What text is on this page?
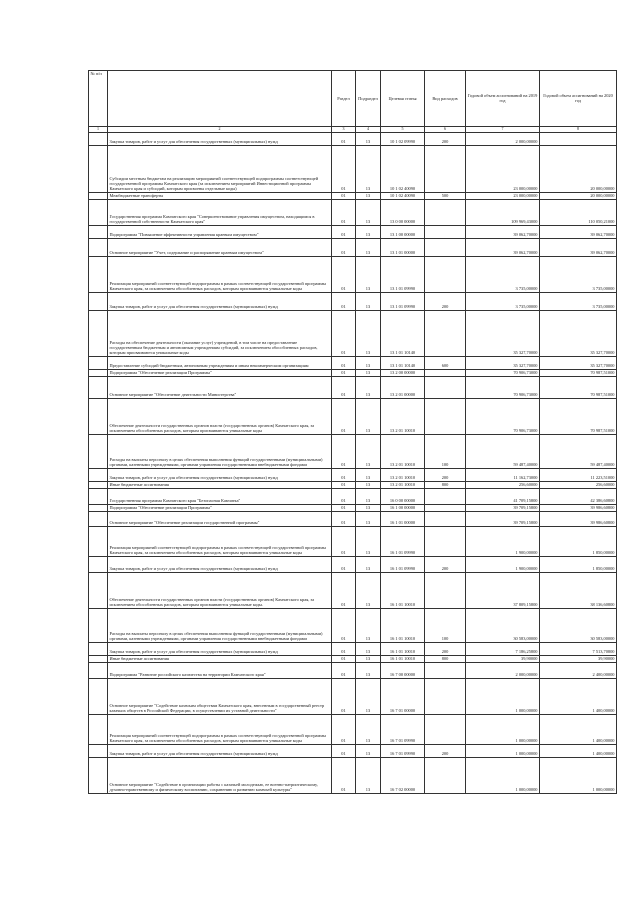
№ п/п		Раздел	Подраздел	Целевая статья	Вид расходов	Годовой объем ассигнований на 2019 год	Годовой объем ассигнований на 2020 год
1	2	3	4	5	6	7	8
	Закупка товаров, работ и услуг для обеспечения государственных (муниципальных) нужд	01	13	10 1 02 09990	200	2 000,00000	
	Субсидии местным бюджетам на реализацию мероприятий соответствующей подпрограммы соответствующей государственной программы Камчатского края (за исключением мероприятий Инвестиционной программы Камчатского края и субсидий, которым присвоены отдельные коды)	01	13	10 1 02 40090		23 000,00000	20 000,00000
	Межбюджетные трансферты	01	13	10 1 02 40090	500	23 000,00000	20 000,00000
	Государственная программа Камчатского края "Совершенствование управления имуществом, находящимся в государственной собственности Камчатского края"	01	13	13 0 00 00000		109 969,43000	110 050,21000
	Подпрограмма "Повышение эффективности управления краевым имуществом"	01	13	13 1 00 00000		39 062,70000	39 062,70000
	Основное мероприятие "Учет, содержание и распоряжение краевым имуществом"	01	13	13 1 01 00000		39 062,70000	39 062,70000
	Реализация мероприятий соответствующей подпрограммы в рамках соответствующей государственной программы Камчатского края, за исключением обособленных расходов, которым присваиваются уникальные коды	01	13	13 1 01 09990		3 735,00000	3 735,00000
	Закупка товаров, работ и услуг для обеспечения государственных (муниципальных) нужд	01	13	13 1 01 09990	200	3 735,00000	3 735,00000
	Расходы на обеспечение деятельности (оказание услуг) учреждений, в том числе на предоставление государственным бюджетным и автономным учреждениям субсидий, за исключением обособленных расходов, которым присваиваются уникальные коды	01	13	13 1 01 10140		35 327,70000	35 327,70000
	Предоставление субсидий бюджетным, автономным учреждениям и иным некоммерческим организациям	01	13	13 1 01 10140	600	35 327,70000	35 327,70000
	Подпрограмма "Обеспечение реализации Программы"	01	13	13 2 00 00000		70 906,73000	70 987,51000
	Основное мероприятие "Обеспечение деятельности Министерства"	01	13	13 2 01 00000		70 906,73000	70 987,51000
	Обеспечение деятельности государственных органов власти (государственных органов) Камчатского края, за исключением обособленных расходов, которым присваиваются уникальные коды	01	13	13 2 01 10010		70 906,73000	70 987,51000
	Расходы на выплаты персоналу в целях обеспечения выполнения функций государственными (муниципальными) органами, казенными учреждениями, органами управления государственными внебюджетными фондами	01	13	13 2 01 10010	100	59 487,40000	59 487,40000
	Закупка товаров, работ и услуг для обеспечения государственных (муниципальных) нужд	01	13	13 2 01 10010	200	11 162,73000	11 223,51000
	Иные бюджетные ассигнования	01	13	13 2 01 10010	800	256,60000	256,60000
	Государственная программа Камчатского края "Безопасная Камчатка"	01	13	16 0 00 00000		41 709,15800	42 386,60800
	Подпрограмма "Обеспечение реализации Программы"	01	13	16 1 00 00000		39 709,15800	39 986,60800
	Основное мероприятие "Обеспечение реализации государственной программы"	01	13	16 1 01 00000		39 709,15800	39 986,60800
	Реализация мероприятий соответствующей подпрограммы в рамках соответствующей государственной программы Камчатского края, за исключением обособленных расходов, которым присваиваются уникальные коды	01	13	16 1 01 09990		1 900,00000	1 850,00000
	Закупка товаров, работ и услуг для обеспечения государственных (муниципальных) нужд	01	13	16 1 01 09990	200	1 900,00000	1 850,00000
	Обеспечение деятельности государственных органов власти (государственных органов) Камчатского края, за исключением обособленных расходов, которым присваиваются уникальные коды.	01	13	16 1 01 10010		37 809,15800	38 136,60800
	Расходы на выплаты персоналу в целях обеспечения выполнения функций государственными (муниципальными) органами, казенными учреждениями, органами управления государственными внебюджетными фондами	01	13	16 1 01 10010	100	30 583,00000	30 583,00000
	Закупка товаров, работ и услуг для обеспечения государственных (муниципальных) нужд	01	13	16 1 01 10010	200	7 186,25800	7 513,70800
	Иные бюджетные ассигнования	01	13	16 1 01 10010	800	39,90000	39,90000
	Подпрограмма "Развитие российского казачества на территории Камчатского края"	01	13	16 7 00 00000		2 000,00000	2 400,00000
	Основное мероприятие "Содействие казачьим обществам Камчатского края, внесенным в государственный реестр казачьих обществ в Российской Федерации, в осуществлении их уставной деятельности"	01	13	16 7 01 00000		1 000,00000	1 400,00000
	Реализация мероприятий соответствующей подпрограммы в рамках соответствующей государственной программы Камчатского края, за исключением обособленных расходов, которым присваиваются уникальные коды	01	13	16 7 01 09990		1 000,00000	1 400,00000
	Закупка товаров, работ и услуг для обеспечения государственных (муниципальных) нужд	01	13	16 7 01 09990	200	1 000,00000	1 400,00000
	Основное мероприятие "Содействие в организации работы с казачьей молодежью, ее военно-патриотическому, духовно-нравственному и физическому воспитанию, сохранению и развитию казачьей культуры"	01	13	16 7 02 00000		1 000,00000	1 000,00000
